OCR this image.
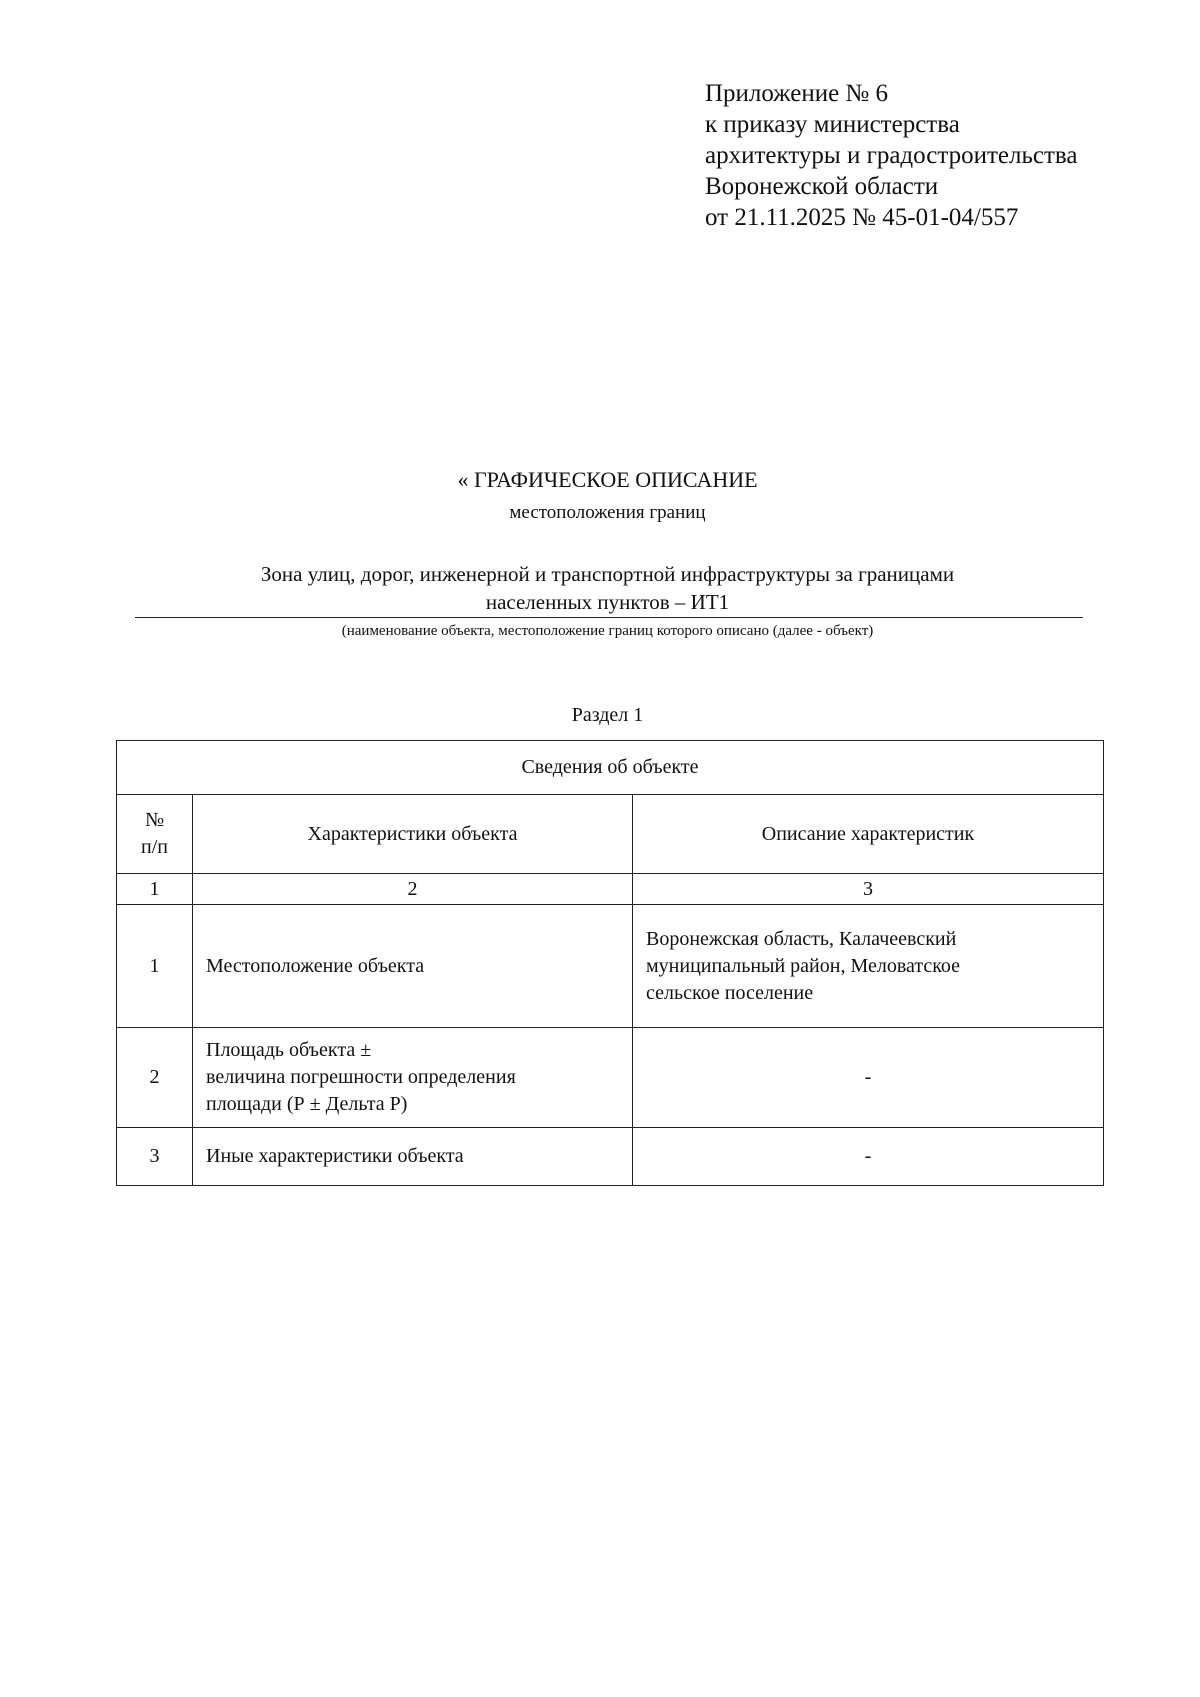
Приложение № 6
к приказу министерства
архитектуры и градостроительства
Воронежской области
от 21.11.2025 № 45-01-04/557
« ГРАФИЧЕСКОЕ ОПИСАНИЕ
местоположения границ
Зона улиц, дорог, инженерной и транспортной инфраструктуры за границами
населенных пунктов – ИТ1
(наименование объекта, местоположение границ которого описано (далее - объект)
Раздел 1
Сведения об объекте		

№
п/п	Характеристики объекта	Описание характеристик
1	2	3
1	Местоположение объекта	Воронежская область, Калачеевский
муниципальный район, Меловатское
сельское поселение

2	Площадь объекта ±
величина погрешности определения
площади (Р ± Дельта Р)	-

3	Иные характеристики объекта	-
